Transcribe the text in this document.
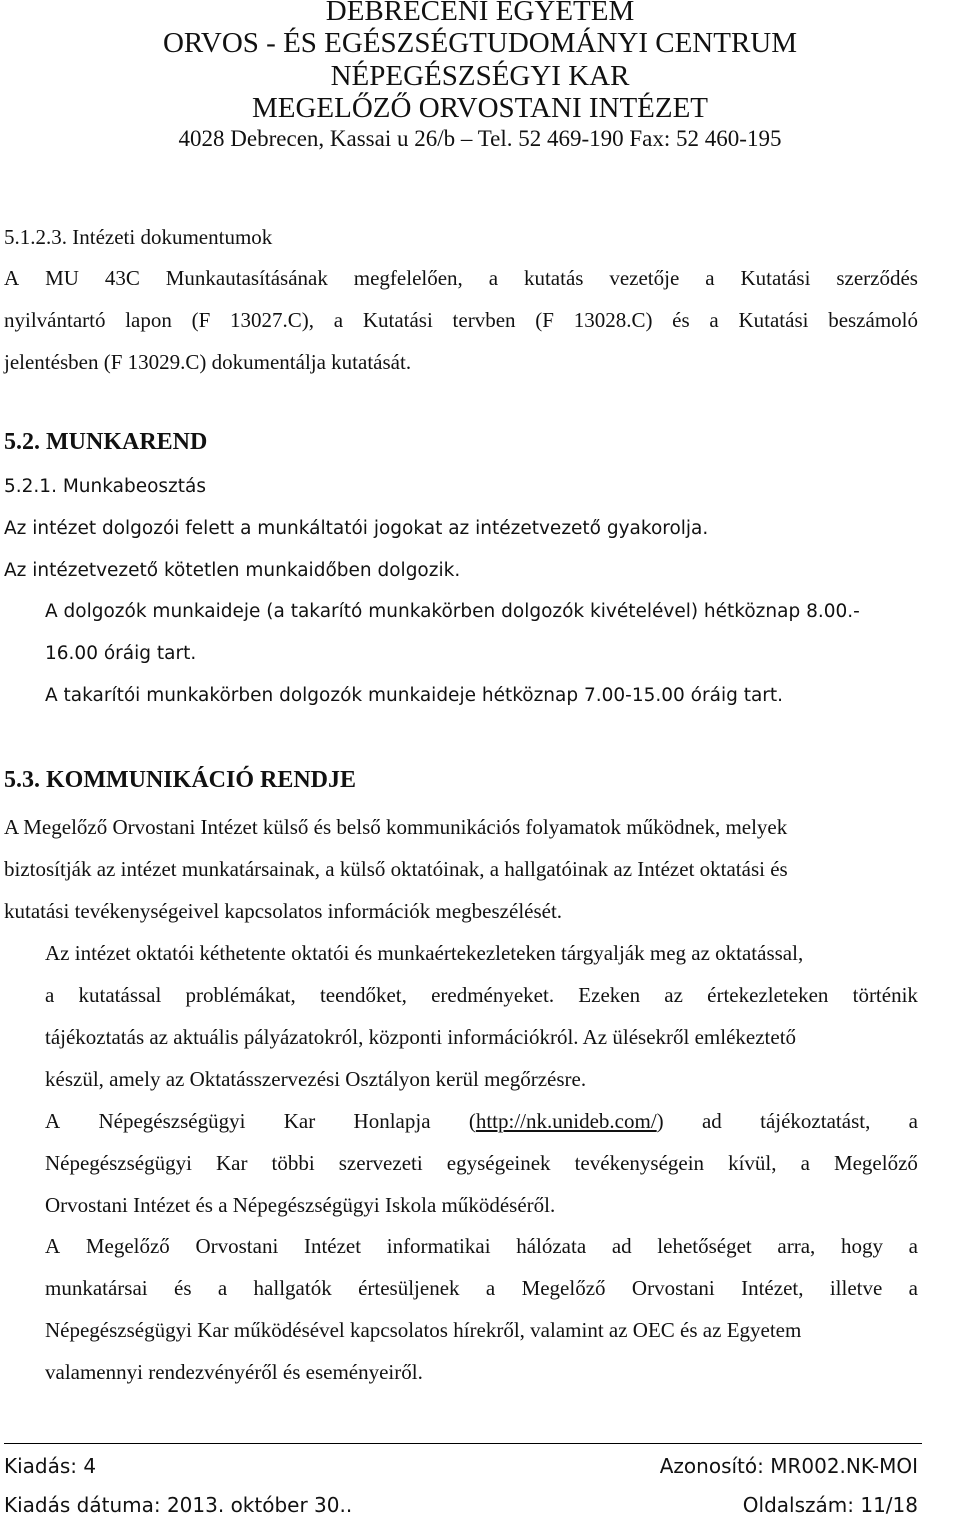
DEBRECENI EGYETEM
ORVOS - ÉS EGÉSZSÉGTUDOMÁNYI CENTRUM
NÉPEGÉSZSÉGYI KAR
MEGELŐZŐ ORVOSTANI INTÉZET
4028 Debrecen, Kassai u 26/b – Tel. 52 469-190 Fax: 52 460-195
5.1.2.3. Intézeti dokumentumok
A MU 43C Munkautasításának megfelelően, a kutatás vezetője a Kutatási szerződés
nyilvántartó lapon (F 13027.C), a Kutatási tervben (F 13028.C) és a Kutatási beszámoló
jelentésben (F 13029.C) dokumentálja kutatását.
5.2. MUNKAREND
5.2.1. Munkabeosztás
Az intézet dolgozói felett a munkáltatói jogokat az intézetvezető gyakorolja.
Az intézetvezető kötetlen munkaidőben dolgozik.
A dolgozók munkaideje (a takarító munkakörben dolgozók kivételével) hétköznap 8.00.-
16.00 óráig tart.
A takarítói munkakörben dolgozók munkaideje hétköznap 7.00-15.00 óráig tart.
5.3. KOMMUNIKÁCIÓ RENDJE
A Megelőző Orvostani Intézet külső és belső kommunikációs folyamatok működnek, melyek
biztosítják az intézet munkatársainak, a külső oktatóinak, a hallgatóinak az Intézet oktatási és
kutatási tevékenységeivel kapcsolatos információk megbeszélését.
Az intézet oktatói kéthetente oktatói és munkaértekezleteken tárgyalják meg az oktatással,
a kutatással problémákat, teendőket, eredményeket. Ezeken az értekezleteken történik
tájékoztatás az aktuális pályázatokról, központi információkról. Az ülésekről emlékeztető
készül, amely az Oktatásszervezési Osztályon kerül megőrzésre.
A Népegészségügyi Kar Honlapja (http://nk.unideb.com/) ad tájékoztatást, a
Népegészségügyi Kar többi szervezeti egységeinek tevékenységein kívül, a Megelőző
Orvostani Intézet és a Népegészségügyi Iskola működéséről.
A Megelőző Orvostani Intézet informatikai hálózata ad lehetőséget arra, hogy a
munkatársai és a hallgatók értesüljenek a Megelőző Orvostani Intézet, illetve a
Népegészségügyi Kar működésével kapcsolatos hírekről, valamint az OEC és az Egyetem
valamennyi rendezvényéről és eseményeiről.
Kiadás: 4	Azonosító: MR002.NK-MOI
Kiadás dátuma: 2013. október 30..	Oldalszám: 11/18
